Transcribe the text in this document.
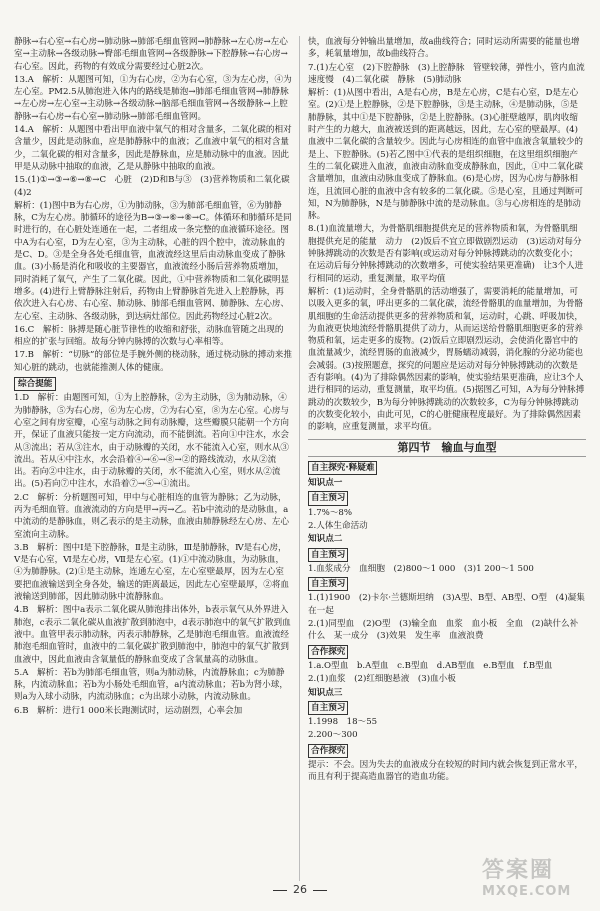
静脉→右心室→右心房→肺动脉→肺部毛细血管网→肺静脉→左心房→左心室→主动脉→各级动脉→臀部毛细血管网→各级静脉→下腔静脉→右心房→右心室。因此，药物的有效成分需要经过心脏2次。

13.A　解析：从题图可知，①为右心房，②为右心室，③为左心房，④为左心室。PM2.5从肺泡进入体内的路线是肺泡→肺部毛细血管网→肺静脉→左心房→左心室→主动脉→各级动脉→脑部毛细血管网→各级静脉→上腔静脉→右心房→右心室→肺动脉→肺部毛细血管网。

14.A　解析：从题图中看出甲血液中氧气的相对含量多，二氧化碳的相对含量少，因此是动脉血，应是肺静脉中的血液；乙血液中氧气的相对含量少，二氧化碳的相对含量多，因此是静脉血，应是肺动脉中的血液。因此甲是从动脉中抽取的血液，乙是从静脉中抽取的血液。

15.(1)①→③→⑥→⑧→C　心脏　(2)D和B与③　(3)营养物质和二氧化碳　(4)2

解析：(1)图中B为右心房，①为肺动脉，③为肺部毛细血管，⑥为肺静脉，C为左心房。肺循环的途径为B→③→⑥→⑧→C。体循环和肺循环是同时进行的，在心脏处连通在一起，二者组成一条完整的血液循环途径。图中A为右心室，D为左心室，③为主动脉，心脏的四个腔中，流动脉血的是C、D。③是全身各处毛细血管，血液流经这里后由动脉血变成了静脉血。(3)小肠是消化和吸收的主要器官，血液流经小肠后营养物质增加，同时消耗了氧气，产生了二氧化碳。因此，①中营养物质和二氧化碳明显增多。(4)进行上臂静脉注射后，药物由上臂静脉首先进入上腔静脉，再依次进入右心房、右心室、肺动脉、肺部毛细血管网、肺静脉、左心房、左心室、主动脉、各级动脉，到达病灶部位。因此药物经过心脏2次。

16.C　解析：脉搏是随心脏节律性的收缩和舒张，动脉血管随之出现的相应的扩张与回缩。故每分钟内脉搏的次数与心率相等。

17.B　解析：“切脉”的部位是手腕外侧的桡动脉，通过桡动脉的搏动来推知心脏的跳动，也就能推测人体的健康。

综合提能

1.D　解析：由题图可知，①为上腔静脉，②为主动脉，③为肺动脉，④为肺静脉，⑤为右心房，⑥为左心房，⑦为右心室，⑧为左心室。心房与心室之间有房室瓣，心室与动脉之间有动脉瓣，这些瓣膜只能朝一个方向开，保证了血液只能按一定方向流动，而不能倒流。若向①中注水，水会从③流出；若从③注水，由于动脉瓣的关闭，水不能流入心室，则水从③流出。若从④中注水，水会沿着④→⑥→⑧→②的路线流动，水从②流出。若向②中注水，由于动脉瓣的关闭，水不能流入心室，则水从②流出。(5)若向⑦中注水，水沿着⑦→⑤→①流出。

2.C　解析：分析题图可知，甲中与心脏相连的血管为静脉；乙为动脉，丙为毛细血管。血液流动的方向是甲→丙→乙。若b中流动的是动脉血，a中流动的是静脉血，则乙表示的是主动脉，血液由肺静脉经左心房、左心室流向主动脉。

3.B　解析：图中Ⅰ是下腔静脉，Ⅱ是主动脉，Ⅲ是肺静脉，Ⅳ是右心房，Ⅴ是右心室，Ⅵ是左心房，Ⅶ是左心室。(1)①中流动脉血，为动脉血，④为肺静脉。(2)①是主动脉，连通左心室，左心室壁最厚，因为左心室要把血液输送到全身各处，输送的距离最远，因此左心室壁最厚，②将血液输送到肺部，因此肺动脉中流静脉血。

4.B　解析：图中a表示二氧化碳从肺泡排出体外，b表示氧气从外界进入肺泡，c表示二氧化碳从血液扩散到肺泡中，d表示肺泡中的氧气扩散到血液中。血管甲表示肺动脉，丙表示肺静脉，乙是肺泡毛细血管。血液流经肺泡毛细血管时，血液中的二氧化碳扩散到肺泡中，肺泡中的氧气扩散到血液中，因此血液由含氧量低的静脉血变成了含氧量高的动脉血。

5.A　解析：若b为肺部毛细血管，则a为肺动脉，内流静脉血；c为肺静脉，内流动脉血；若b为小肠处毛细血管，a内流动脉血；若b为肾小球，则a为入球小动脉，内流动脉血；c为出球小动脉，内流动脉血。

6.B　解析：进行1 000米长跑测试时，运动剧烈，心率会加

快，血液每分钟输出量增加，故a曲线符合；同时运动所需要的能量也增多，耗氧量增加，故b曲线符合。

7.(1)左心室　(2)下腔静脉　(3)上腔静脉　管壁较薄，弹性小，管内血流速度慢　(4)二氧化碳　静脉　(5)肺动脉

解析：(1)从图中看出，A是右心房，B是左心房，C是右心室，D是左心室。(2)①是上腔静脉，②是下腔静脉，③是主动脉，④是肺动脉，⑤是肺静脉，其中①是下腔静脉，②是上腔静脉。(3)心脏壁越厚，肌肉收缩时产生的力越大，血液被送到的距离越远，因此，左心室的壁最厚。(4)血液中二氧化碳的含量较少。因此与心房相连的血管中血液含氧量较少的是上、下腔静脉。(5)若乙图中①代表的是组织细胞，在这里组织细胞产生的二氧化碳进入血液，血液由动脉血变成静脉血，因此，①中二氧化碳含量增加，血液由动脉血变成了静脉血。(6)是心房，因为心房与静脉相连，且流回心脏的血液中含有较多的二氧化碳。⑤是心室，且通过判断可知，N为肺静脉，N是与肺静脉中流的是动脉血。③与心房相连的是肺动脉。

8.(1)血流量增大，为骨骼肌细胞提供充足的营养物质和氧，为骨骼肌细胞提供充足的能量　动力　(2)饭后不宜立即做剧烈运动　(3)运动对每分钟脉搏跳动的次数是否有影响(或运动对每分钟脉搏跳动的次数变化小；在运动后每分钟脉搏跳动的次数增多，可使实验结果更准确)　让3个人进行相同的运动，重复测量，取平均值

解析：(1)运动时，全身骨骼肌的活动增强了，需要消耗的能量增加，可以吸入更多的氧，呼出更多的二氧化碳，流经骨骼肌的血量增加，为骨骼肌细胞的生命活动提供更多的营养物质和氧，运动时，心跳、呼吸加快，为血液更快地流经骨骼肌提供了动力，从而运送给骨骼肌细胞更多的营养物质和氧，运走更多的废物。(2)饭后立即剧烈运动，会使消化器官中的血流量减少，流经胃肠的血液减少，胃肠蠕动减弱，消化腺的分泌功能也会减弱。(3)按照题意，探究的问题应是运动对每分钟脉搏跳动的次数是否有影响。(4)为了排除偶然因素的影响，使实验结果更准确，应让3个人进行相同的运动，重复测量，取平均值。(5)据图乙可知，A为每分钟脉搏跳动的次数较少，B为每分钟脉搏跳动的次数较多，C为每分钟脉搏跳动的次数变化较小，由此可见，C的心脏健康程度最好。为了排除偶然因素的影响，应重复测量，求平均值。

第四节　输血与血型
自主探究·释疑难
知识点一
自主预习

1.7%～8%

2.人体生命活动

知识点二
自主预习

1.血浆成分　血细胞　(2)800～1 000　(3)1 200～1 500

自主预习

1.(1)1900　(2)卡尔·兰德斯坦纳　(3)A型、B型、AB型、O型　(4)凝集在一起

2.(1)同型血　(2)O型　(3)输全血　血浆　血小板　全血　(2)缺什么补什么　某一成分　(3)效果　发生率　血液浪费

合作探究

1.a.O型血　b.A型血　c.B型血　d.AB型血　e.B型血　f.B型血

2.(1)血浆　(2)红细胞悬液　(3)血小板

知识点三
自主预习

1.1998　18～55

2.200～300

合作探究

提示：不会。因为失去的血液成分在较短的时间内就会恢复到正常水平，而且有利于提高造血器官的造血功能。

26
答案圈
MXQE.COM
